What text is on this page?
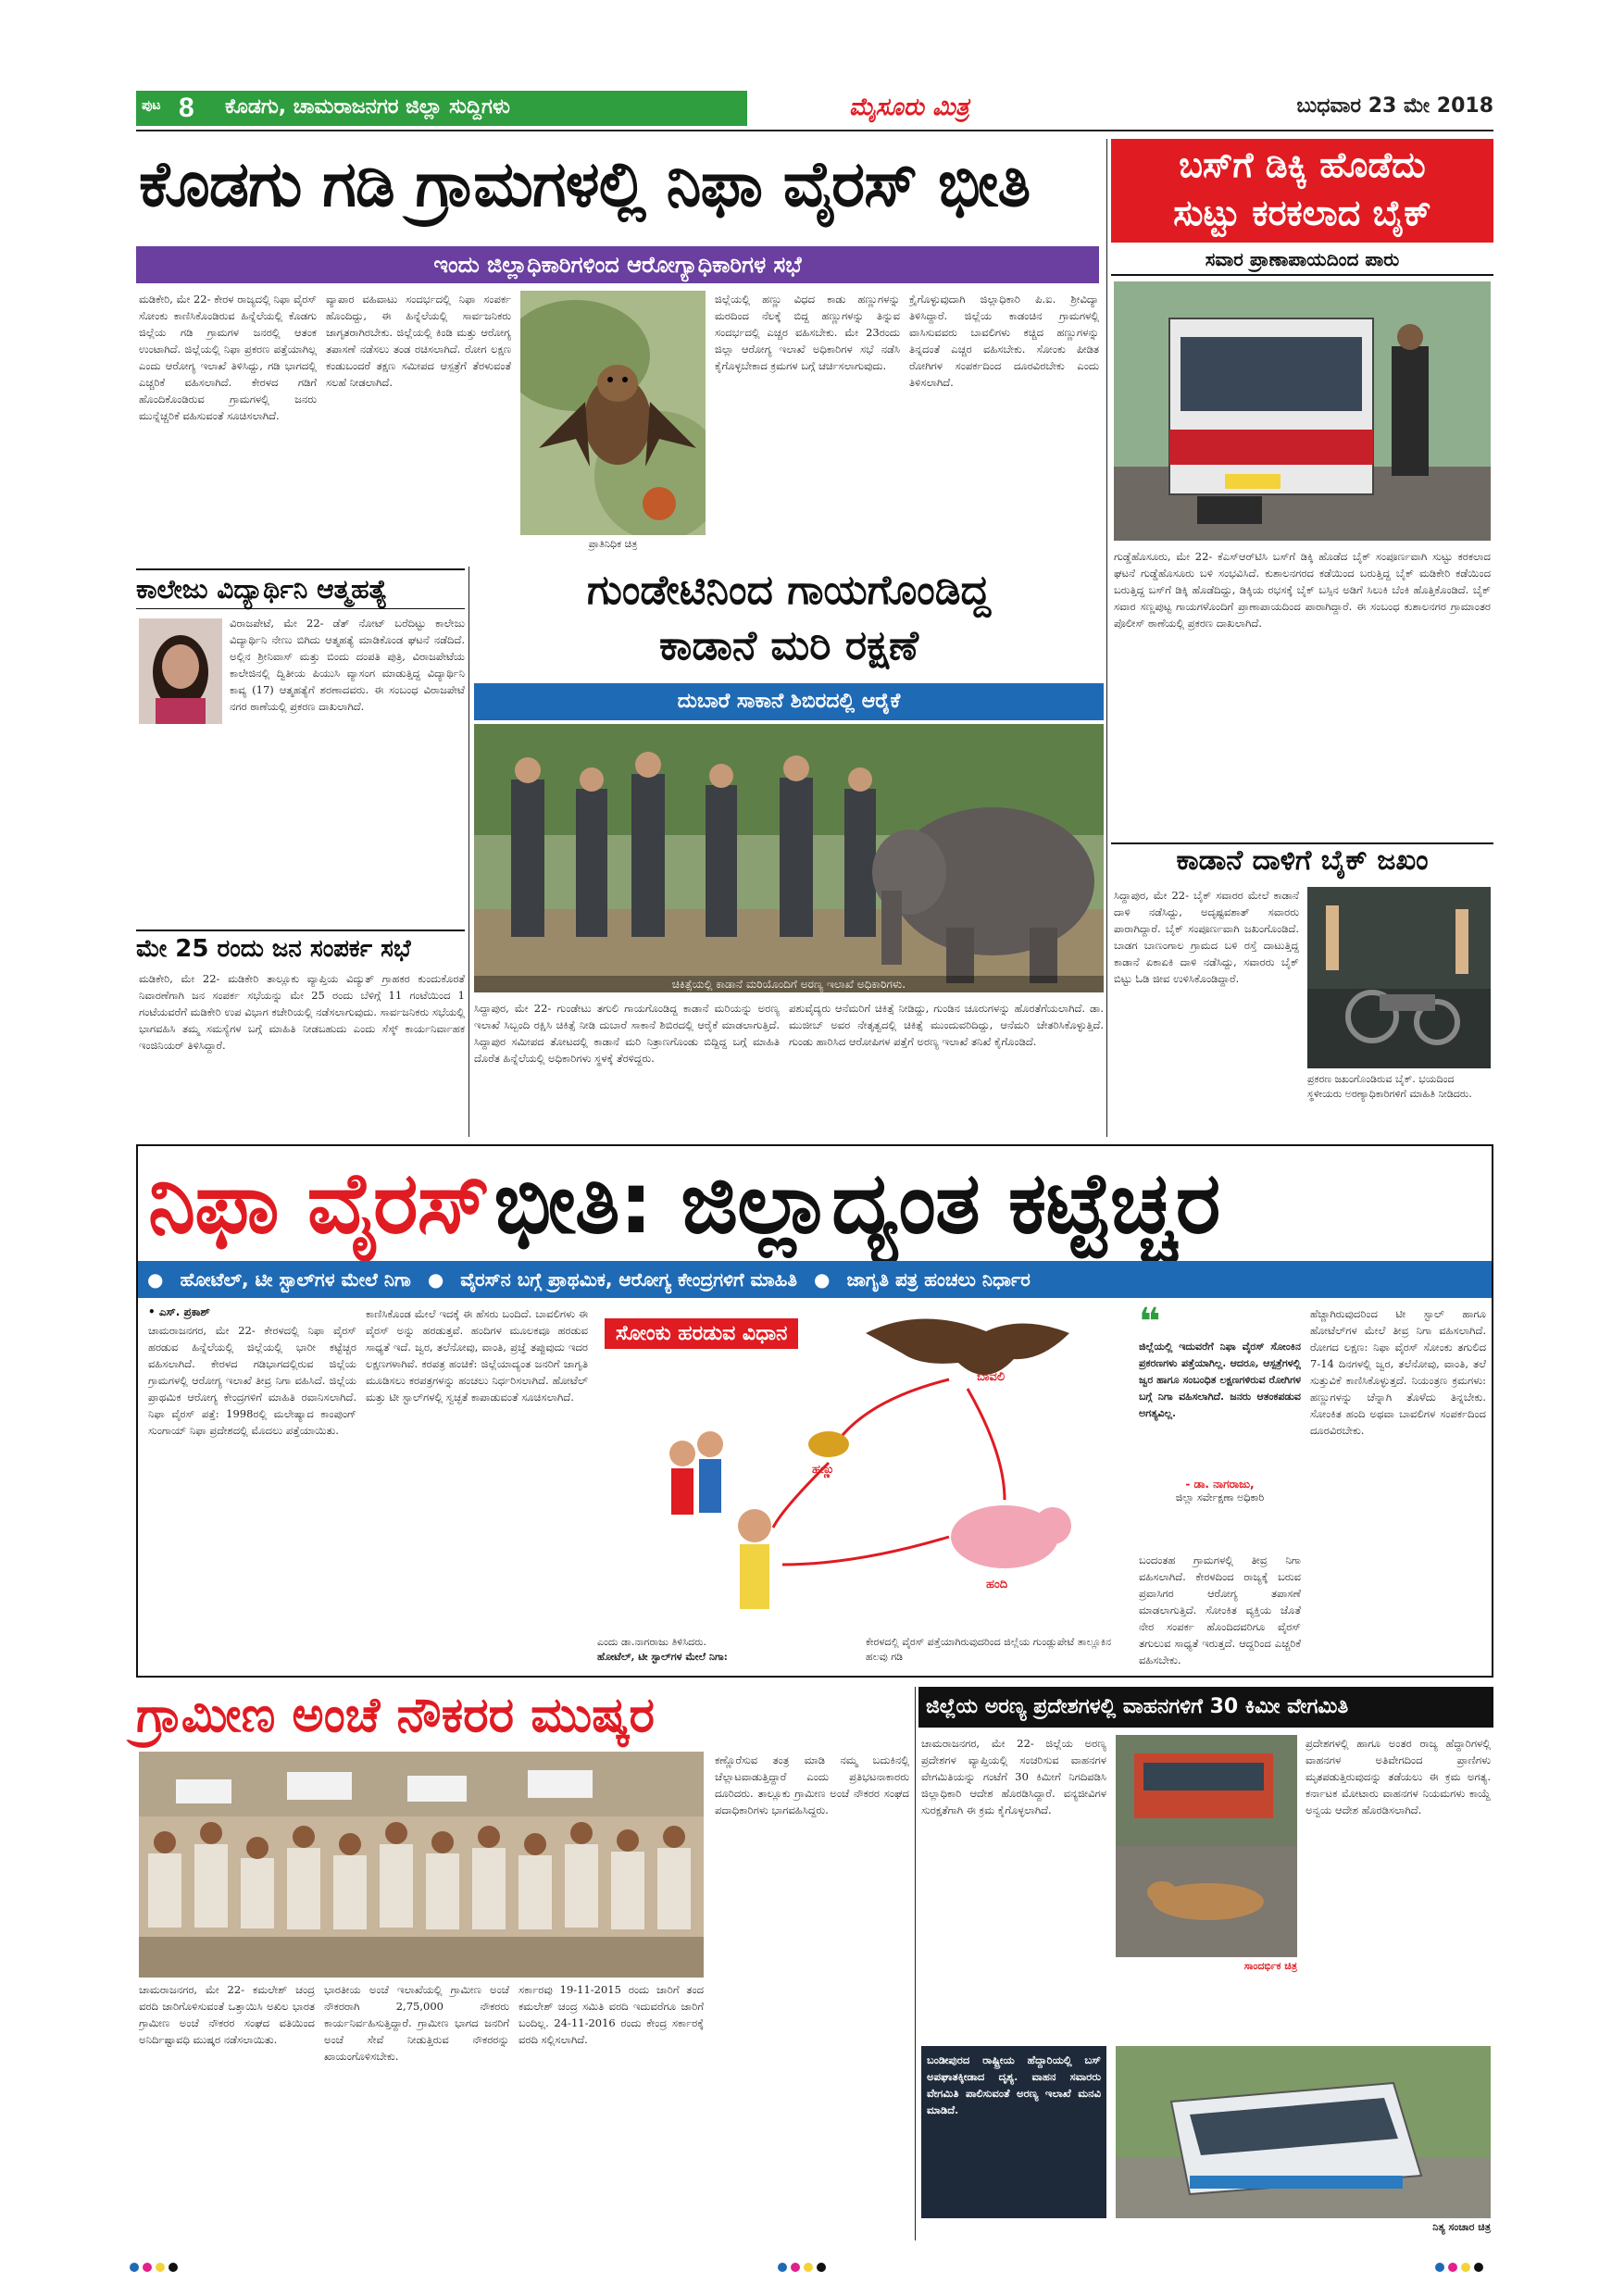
ಪುಟ 8 ಕೊಡಗು, ಚಾಮರಾಜನಗರ ಜಿಲ್ಲಾ ಸುದ್ದಿಗಳು	ಮೈಸೂರು ಮಿತ್ರ	ಬುಧವಾರ 23 ಮೇ 2018
ಕೊಡಗು ಗಡಿ ಗ್ರಾಮಗಳಲ್ಲಿ ನಿಫಾ ವೈರಸ್ ಭೀತಿ
ಇಂದು ಜಿಲ್ಲಾಧಿಕಾರಿಗಳಿಂದ ಆರೋಗ್ಯಾಧಿಕಾರಿಗಳ ಸಭೆ
ಮಡಿಕೇರಿ, ಮೇ 22- ಕೇರಳ ರಾಜ್ಯದಲ್ಲಿ ನಿಫಾ ವೈರಸ್ ಸೋಂಕು ಕಾಣಿಸಿಕೊಂಡಿರುವ ಹಿನ್ನೆಲೆಯಲ್ಲಿ ಕೊಡಗು ಜಿಲ್ಲೆಯ ಗಡಿ ಗ್ರಾಮಗಳ ಜನರಲ್ಲಿ ಆತಂಕ ಉಂಟಾಗಿದೆ. ಜಿಲ್ಲೆಯಲ್ಲಿ ನಿಫಾ ಪ್ರಕರಣ ಪತ್ತೆಯಾಗಿಲ್ಲ ಎಂದು ಆರೋಗ್ಯ ಇಲಾಖೆ ತಿಳಿಸಿದ್ದು, ಗಡಿ ಭಾಗದಲ್ಲಿ ಎಚ್ಚರಿಕೆ ವಹಿಸಲಾಗಿದೆ. ಕೇರಳದ ಗಡಿಗೆ ಹೊಂದಿಕೊಂಡಿರುವ ಗ್ರಾಮಗಳಲ್ಲಿ ಜನರು ಮುನ್ನೆಚ್ಚರಿಕೆ ವಹಿಸುವಂತೆ ಸೂಚಿಸಲಾಗಿದೆ.
ವ್ಯಾಪಾರ ವಹಿವಾಟು ಸಂದರ್ಭದಲ್ಲಿ ನಿಫಾ ಸಂಪರ್ಕ ಹೊಂದಿದ್ದು, ಈ ಹಿನ್ನೆಲೆಯಲ್ಲಿ ಸಾರ್ವಜನಿಕರು ಜಾಗೃತರಾಗಿರಬೇಕು. ಜಿಲ್ಲೆಯಲ್ಲಿ ಕಿಂಡಿ ಮತ್ತು ಆರೋಗ್ಯ ತಪಾಸಣೆ ನಡೆಸಲು ತಂಡ ರಚಿಸಲಾಗಿದೆ. ರೋಗ ಲಕ್ಷಣ ಕಂಡುಬಂದರೆ ತಕ್ಷಣ ಸಮೀಪದ ಆಸ್ಪತ್ರೆಗೆ ತೆರಳುವಂತೆ ಸಲಹೆ ನೀಡಲಾಗಿದೆ.
ಪ್ರಾತಿನಿಧಿಕ ಚಿತ್ರ
ಜಿಲ್ಲೆಯಲ್ಲಿ ಹಣ್ಣು ವಿಧದ ಕಾಡು ಹಣ್ಣುಗಳನ್ನು ಮರದಿಂದ ನೆಲಕ್ಕೆ ಬಿದ್ದ ಹಣ್ಣುಗಳನ್ನು ತಿನ್ನುವ ಸಂದರ್ಭದಲ್ಲಿ ಎಚ್ಚರ ವಹಿಸಬೇಕು. ಮೇ 23ರಂದು ಜಿಲ್ಲಾ ಆರೋಗ್ಯ ಇಲಾಖೆ ಅಧಿಕಾರಿಗಳ ಸಭೆ ನಡೆಸಿ ಕೈಗೊಳ್ಳಬೇಕಾದ ಕ್ರಮಗಳ ಬಗ್ಗೆ ಚರ್ಚಿಸಲಾಗುವುದು.
ಕ್ರೈಗೊಳ್ಳುವುದಾಗಿ ಜಿಲ್ಲಾಧಿಕಾರಿ ಪಿ.ಐ. ಶ್ರೀವಿದ್ಯಾ ತಿಳಿಸಿದ್ದಾರೆ. ಜಿಲ್ಲೆಯ ಕಾಡಂಚಿನ ಗ್ರಾಮಗಳಲ್ಲಿ ವಾಸಿಸುವವರು ಬಾವಲಿಗಳು ಕಚ್ಚಿದ ಹಣ್ಣುಗಳನ್ನು ತಿನ್ನದಂತೆ ಎಚ್ಚರ ವಹಿಸಬೇಕು. ಸೋಂಕು ಪೀಡಿತ ರೋಗಿಗಳ ಸಂಪರ್ಕದಿಂದ ದೂರವಿರಬೇಕು ಎಂದು ತಿಳಿಸಲಾಗಿದೆ.
ಬಸ್‌ಗೆ ಡಿಕ್ಕಿ ಹೊಡೆದು
ಸುಟ್ಟು ಕರಕಲಾದ ಬೈಕ್
ಸವಾರ ಪ್ರಾಣಾಪಾಯದಿಂದ ಪಾರು
ಗುಡ್ಡೆಹೊಸೂರು, ಮೇ 22- ಕೆಎಸ್‌ಆರ್‌ಟಿಸಿ ಬಸ್‌ಗೆ ಡಿಕ್ಕಿ ಹೊಡೆದ ಬೈಕ್ ಸಂಪೂರ್ಣವಾಗಿ ಸುಟ್ಟು ಕರಕಲಾದ ಘಟನೆ ಗುಡ್ಡೆಹೊಸೂರು ಬಳಿ ಸಂಭವಿಸಿದೆ. ಕುಶಾಲನಗರದ ಕಡೆಯಿಂದ ಬರುತ್ತಿದ್ದ ಬೈಕ್ ಮಡಿಕೇರಿ ಕಡೆಯಿಂದ ಬರುತ್ತಿದ್ದ ಬಸ್‌ಗೆ ಡಿಕ್ಕಿ ಹೊಡೆದಿದ್ದು, ಡಿಕ್ಕಿಯ ರಭಸಕ್ಕೆ ಬೈಕ್ ಬಸ್ಸಿನ ಅಡಿಗೆ ಸಿಲುಕಿ ಬೆಂಕಿ ಹೊತ್ತಿಕೊಂಡಿದೆ. ಬೈಕ್ ಸವಾರ ಸಣ್ಣಪುಟ್ಟ ಗಾಯಗಳೊಂದಿಗೆ ಪ್ರಾಣಾಪಾಯದಿಂದ ಪಾರಾಗಿದ್ದಾರೆ. ಈ ಸಂಬಂಧ ಕುಶಾಲನಗರ ಗ್ರಾಮಾಂತರ ಪೊಲೀಸ್ ಠಾಣೆಯಲ್ಲಿ ಪ್ರಕರಣ ದಾಖಲಾಗಿದೆ.
ಕಾಡಾನೆ ದಾಳಿಗೆ ಬೈಕ್ ಜಖಂ
ಸಿದ್ದಾಪುರ, ಮೇ 22- ಬೈಕ್ ಸವಾರರ ಮೇಲೆ ಕಾಡಾನೆ ದಾಳಿ ನಡೆಸಿದ್ದು, ಅದೃಷ್ಟವಶಾತ್ ಸವಾರರು ಪಾರಾಗಿದ್ದಾರೆ. ಬೈಕ್ ಸಂಪೂರ್ಣವಾಗಿ ಜಖಂಗೊಂಡಿದೆ. ಬಾಡಗ ಬಾಣಂಗಾಲ ಗ್ರಾಮದ ಬಳಿ ರಸ್ತೆ ದಾಟುತ್ತಿದ್ದ ಕಾಡಾನೆ ಏಕಾಏಕಿ ದಾಳಿ ನಡೆಸಿದ್ದು, ಸವಾರರು ಬೈಕ್ ಬಿಟ್ಟು ಓಡಿ ಜೀವ ಉಳಿಸಿಕೊಂಡಿದ್ದಾರೆ.
ಪ್ರಕರಣ ಜಖಂಗೊಂಡಿರುವ ಬೈಕ್. ಭಯದಿಂದ ಸ್ಥಳೀಯರು ಅರಣ್ಯಾಧಿಕಾರಿಗಳಿಗೆ ಮಾಹಿತಿ ನೀಡಿದರು.
ಕಾಲೇಜು ವಿದ್ಯಾರ್ಥಿನಿ ಆತ್ಮಹತ್ಯೆ
ವಿರಾಜಪೇಟೆ, ಮೇ 22- ಡೆತ್ ನೋಟ್ ಬರೆದಿಟ್ಟು ಕಾಲೇಜು ವಿದ್ಯಾರ್ಥಿನಿ ನೇಣು ಬಿಗಿದು ಆತ್ಮಹತ್ಯೆ ಮಾಡಿಕೊಂಡ ಘಟನೆ ನಡೆದಿದೆ. ಅಲ್ಲಿನ ಶ್ರೀನಿವಾಸ್ ಮತ್ತು ಬಿಂದು ದಂಪತಿ ಪುತ್ರಿ, ವಿರಾಜಪೇಟೆಯ ಕಾಲೇಜಿನಲ್ಲಿ ದ್ವಿತೀಯ ಪಿಯುಸಿ ವ್ಯಾಸಂಗ ಮಾಡುತ್ತಿದ್ದ ವಿದ್ಯಾರ್ಥಿನಿ ಕಾವ್ಯ (17) ಆತ್ಮಹತ್ಯೆಗೆ ಶರಣಾದವರು. ಈ ಸಂಬಂಧ ವಿರಾಜಪೇಟೆ ನಗರ ಠಾಣೆಯಲ್ಲಿ ಪ್ರಕರಣ ದಾಖಲಾಗಿದೆ.
ಮೇ 25 ರಂದು ಜನ ಸಂಪರ್ಕ ಸಭೆ
ಮಡಿಕೇರಿ, ಮೇ 22- ಮಡಿಕೇರಿ ತಾಲ್ಲೂಕು ವ್ಯಾಪ್ತಿಯ ವಿದ್ಯುತ್ ಗ್ರಾಹಕರ ಕುಂದುಕೊರತೆ ನಿವಾರಣೆಗಾಗಿ ಜನ ಸಂಪರ್ಕ ಸಭೆಯನ್ನು ಮೇ 25 ರಂದು ಬೆಳಿಗ್ಗೆ 11 ಗಂಟೆಯಿಂದ 1 ಗಂಟೆಯವರೆಗೆ ಮಡಿಕೇರಿ ಉಪ ವಿಭಾಗ ಕಚೇರಿಯಲ್ಲಿ ನಡೆಸಲಾಗುವುದು. ಸಾರ್ವಜನಿಕರು ಸಭೆಯಲ್ಲಿ ಭಾಗವಹಿಸಿ ತಮ್ಮ ಸಮಸ್ಯೆಗಳ ಬಗ್ಗೆ ಮಾಹಿತಿ ನೀಡಬಹುದು ಎಂದು ಸೆಸ್ಕ್ ಕಾರ್ಯನಿರ್ವಾಹಕ ಇಂಜಿನಿಯರ್ ತಿಳಿಸಿದ್ದಾರೆ.
ಗುಂಡೇಟಿನಿಂದ ಗಾಯಗೊಂಡಿದ್ದ
ಕಾಡಾನೆ ಮರಿ ರಕ್ಷಣೆ
ದುಬಾರೆ ಸಾಕಾನೆ ಶಿಬಿರದಲ್ಲಿ ಆರೈಕೆ
ಚಿಕಿತ್ಸೆಯಲ್ಲಿ ಕಾಡಾನೆ ಮರಿಯೊಂದಿಗೆ ಅರಣ್ಯ ಇಲಾಖೆ ಅಧಿಕಾರಿಗಳು.
ಸಿದ್ದಾಪುರ, ಮೇ 22- ಗುಂಡೇಟು ತಗುಲಿ ಗಾಯಗೊಂಡಿದ್ದ ಕಾಡಾನೆ ಮರಿಯನ್ನು ಅರಣ್ಯ ಇಲಾಖೆ ಸಿಬ್ಬಂದಿ ರಕ್ಷಿಸಿ ಚಿಕಿತ್ಸೆ ನೀಡಿ ದುಬಾರೆ ಸಾಕಾನೆ ಶಿಬಿರದಲ್ಲಿ ಆರೈಕೆ ಮಾಡಲಾಗುತ್ತಿದೆ. ಸಿದ್ದಾಪುರ ಸಮೀಪದ ತೋಟದಲ್ಲಿ ಕಾಡಾನೆ ಮರಿ ನಿತ್ರಾಣಗೊಂಡು ಬಿದ್ದಿದ್ದ ಬಗ್ಗೆ ಮಾಹಿತಿ ದೊರೆತ ಹಿನ್ನೆಲೆಯಲ್ಲಿ ಅಧಿಕಾರಿಗಳು ಸ್ಥಳಕ್ಕೆ ತೆರಳಿದ್ದರು.
ಪಶುವೈದ್ಯರು ಆನೆಮರಿಗೆ ಚಿಕಿತ್ಸೆ ನೀಡಿದ್ದು, ಗುಂಡಿನ ಚೂರುಗಳನ್ನು ಹೊರತೆಗೆಯಲಾಗಿದೆ. ಡಾ. ಮುಜೀಬ್ ಅವರ ನೇತೃತ್ವದಲ್ಲಿ ಚಿಕಿತ್ಸೆ ಮುಂದುವರಿದಿದ್ದು, ಆನೆಮರಿ ಚೇತರಿಸಿಕೊಳ್ಳುತ್ತಿದೆ. ಗುಂಡು ಹಾರಿಸಿದ ಆರೋಪಿಗಳ ಪತ್ತೆಗೆ ಅರಣ್ಯ ಇಲಾಖೆ ತನಿಖೆ ಕೈಗೊಂಡಿದೆ.
ನಿಫಾ ವೈರಸ್ ಭೀತಿ: ಜಿಲ್ಲಾದ್ಯಂತ ಕಟ್ಟೆಚ್ಚರ
● ಹೋಟೆಲ್, ಟೀ ಸ್ಟಾಲ್‌ಗಳ ಮೇಲೆ ನಿಗಾ ● ವೈರಸ್‌ನ ಬಗ್ಗೆ ಪ್ರಾಥಮಿಕ, ಆರೋಗ್ಯ ಕೇಂದ್ರಗಳಿಗೆ ಮಾಹಿತಿ ● ಜಾಗೃತಿ ಪತ್ರ ಹಂಚಲು ನಿರ್ಧಾರ
• ಎಸ್. ಪ್ರಕಾಶ್
ಚಾಮರಾಜನಗರ, ಮೇ 22- ಕೇರಳದಲ್ಲಿ ನಿಫಾ ವೈರಸ್ ಹರಡುವ ಹಿನ್ನೆಲೆಯಲ್ಲಿ ಜಿಲ್ಲೆಯಲ್ಲಿ ಭಾರೀ ಕಟ್ಟೆಚ್ಚರ ವಹಿಸಲಾಗಿದೆ. ಕೇರಳದ ಗಡಿಭಾಗದಲ್ಲಿರುವ ಜಿಲ್ಲೆಯ ಗ್ರಾಮಗಳಲ್ಲಿ ಆರೋಗ್ಯ ಇಲಾಖೆ ತೀವ್ರ ನಿಗಾ ವಹಿಸಿದೆ. ಜಿಲ್ಲೆಯ ಪ್ರಾಥಮಿಕ ಆರೋಗ್ಯ ಕೇಂದ್ರಗಳಿಗೆ ಮಾಹಿತಿ ರವಾನಿಸಲಾಗಿದೆ. ನಿಫಾ ವೈರಸ್ ಪತ್ತೆ: 1998ರಲ್ಲಿ ಮಲೇಷ್ಯಾದ ಕಾಂಪುಂಗ್ ಸುಂಗಾಯ್ ನಿಫಾ ಪ್ರದೇಶದಲ್ಲಿ ಮೊದಲು ಪತ್ತೆಯಾಯಿತು.
ಕಾಣಿಸಿಕೊಂಡ ಮೇಲೆ ಇದಕ್ಕೆ ಈ ಹೆಸರು ಬಂದಿದೆ. ಬಾವಲಿಗಳು ಈ ವೈರಸ್ ಅನ್ನು ಹರಡುತ್ತವೆ. ಹಂದಿಗಳ ಮೂಲಕವೂ ಹರಡುವ ಸಾಧ್ಯತೆ ಇದೆ. ಜ್ವರ, ತಲೆನೋವು, ವಾಂತಿ, ಪ್ರಜ್ಞೆ ತಪ್ಪುವುದು ಇದರ ಲಕ್ಷಣಗಳಾಗಿವೆ. ಕರಪತ್ರ ಹಂಚಿಕೆ: ಜಿಲ್ಲೆಯಾದ್ಯಂತ ಜನರಿಗೆ ಜಾಗೃತಿ ಮೂಡಿಸಲು ಕರಪತ್ರಗಳನ್ನು ಹಂಚಲು ನಿರ್ಧರಿಸಲಾಗಿದೆ. ಹೋಟೆಲ್ ಮತ್ತು ಟೀ ಸ್ಟಾಲ್‌ಗಳಲ್ಲಿ ಸ್ವಚ್ಛತೆ ಕಾಪಾಡುವಂತೆ ಸೂಚಿಸಲಾಗಿದೆ.
ಸೋಂಕು ಹರಡುವ ವಿಧಾನ
ಬಾವಲಿ
ಹಣ್ಣು
ಹಂದಿ
ಎಂದು ಡಾ.ನಾಗರಾಜು ತಿಳಿಸಿದರು.
ಹೋಟೆಲ್, ಟೀ ಸ್ಟಾಲ್‌ಗಳ ಮೇಲೆ ನಿಗಾ:
ಕೇರಳದಲ್ಲಿ ವೈರಸ್ ಪತ್ತೆಯಾಗಿರುವುದರಿಂದ ಜಿಲ್ಲೆಯ ಗುಂಡ್ಲುಪೇಟೆ ತಾಲ್ಲೂಕಿನ ಹಲವು ಗಡಿ
❝
ಜಿಲ್ಲೆಯಲ್ಲಿ ಇದುವರೆಗೆ ನಿಫಾ ವೈರಸ್ ಸೋಂಕಿನ ಪ್ರಕರಣಗಳು ಪತ್ತೆಯಾಗಿಲ್ಲ. ಆದರೂ, ಆಸ್ಪತ್ರೆಗಳಲ್ಲಿ ಜ್ವರ ಹಾಗೂ ಸಂಬಂಧಿತ ಲಕ್ಷಣಗಳಿರುವ ರೋಗಿಗಳ ಬಗ್ಗೆ ನಿಗಾ ವಹಿಸಲಾಗಿದೆ. ಜನರು ಆತಂಕಪಡುವ ಅಗತ್ಯವಿಲ್ಲ.
- ಡಾ. ನಾಗರಾಜು,
ಜಿಲ್ಲಾ ಸರ್ವೇಕ್ಷಣಾ ಅಧಿಕಾರಿ
ಬಂದಂತಹ ಗ್ರಾಮಗಳಲ್ಲಿ ತೀವ್ರ ನಿಗಾ ವಹಿಸಲಾಗಿದೆ. ಕೇರಳದಿಂದ ರಾಜ್ಯಕ್ಕೆ ಬರುವ ಪ್ರವಾಸಿಗರ ಆರೋಗ್ಯ ತಪಾಸಣೆ ಮಾಡಲಾಗುತ್ತಿದೆ. ಸೋಂಕಿತ ವ್ಯಕ್ತಿಯ ಜೊತೆ ನೇರ ಸಂಪರ್ಕ ಹೊಂದಿದವರಿಗೂ ವೈರಸ್ ತಗುಲುವ ಸಾಧ್ಯತೆ ಇರುತ್ತದೆ. ಆದ್ದರಿಂದ ಎಚ್ಚರಿಕೆ ವಹಿಸಬೇಕು.
ಹೆಚ್ಚಾಗಿರುವುದರಿಂದ ಟೀ ಸ್ಟಾಲ್ ಹಾಗೂ ಹೋಟೆಲ್‌ಗಳ ಮೇಲೆ ತೀವ್ರ ನಿಗಾ ವಹಿಸಲಾಗಿದೆ. ರೋಗದ ಲಕ್ಷಣ: ನಿಫಾ ವೈರಸ್ ಸೋಂಕು ತಗುಲಿದ 7-14 ದಿನಗಳಲ್ಲಿ ಜ್ವರ, ತಲೆನೋವು, ವಾಂತಿ, ತಲೆ ಸುತ್ತುವಿಕೆ ಕಾಣಿಸಿಕೊಳ್ಳುತ್ತದೆ. ನಿಯಂತ್ರಣ ಕ್ರಮಗಳು: ಹಣ್ಣುಗಳನ್ನು ಚೆನ್ನಾಗಿ ತೊಳೆದು ತಿನ್ನಬೇಕು. ಸೋಂಕಿತ ಹಂದಿ ಅಥವಾ ಬಾವಲಿಗಳ ಸಂಪರ್ಕದಿಂದ ದೂರವಿರಬೇಕು.
ಗ್ರಾಮೀಣ ಅಂಚೆ ನೌಕರರ ಮುಷ್ಕರ
ಚಾಮರಾಜನಗರ, ಮೇ 22- ಕಮಲೇಶ್ ಚಂದ್ರ ವರದಿ ಜಾರಿಗೊಳಿಸುವಂತೆ ಒತ್ತಾಯಿಸಿ ಅಖಿಲ ಭಾರತ ಗ್ರಾಮೀಣ ಅಂಚೆ ನೌಕರರ ಸಂಘದ ವತಿಯಿಂದ ಅನಿರ್ದಿಷ್ಟಾವಧಿ ಮುಷ್ಕರ ನಡೆಸಲಾಯಿತು.
ಭಾರತೀಯ ಅಂಚೆ ಇಲಾಖೆಯಲ್ಲಿ ಗ್ರಾಮೀಣ ಅಂಚೆ ನೌಕರರಾಗಿ 2,75,000 ನೌಕರರು ಕಾರ್ಯನಿರ್ವಹಿಸುತ್ತಿದ್ದಾರೆ. ಗ್ರಾಮೀಣ ಭಾಗದ ಜನರಿಗೆ ಅಂಚೆ ಸೇವೆ ನೀಡುತ್ತಿರುವ ನೌಕರರನ್ನು ಖಾಯಂಗೊಳಿಸಬೇಕು.
ಸರ್ಕಾರವು 19-11-2015 ರಂದು ಜಾರಿಗೆ ತಂದ ಕಮಲೇಶ್ ಚಂದ್ರ ಸಮಿತಿ ವರದಿ ಇದುವರೆಗೂ ಜಾರಿಗೆ ಬಂದಿಲ್ಲ. 24-11-2016 ರಂದು ಕೇಂದ್ರ ಸರ್ಕಾರಕ್ಕೆ ವರದಿ ಸಲ್ಲಿಸಲಾಗಿದೆ.
ಕಣ್ಣೊರೆಸುವ ತಂತ್ರ ಮಾಡಿ ನಮ್ಮ ಬದುಕಿನಲ್ಲಿ ಚೆಲ್ಲಾಟವಾಡುತ್ತಿದ್ದಾರೆ ಎಂದು ಪ್ರತಿಭಟನಾಕಾರರು ದೂರಿದರು. ತಾಲ್ಲೂಕು ಗ್ರಾಮೀಣ ಅಂಚೆ ನೌಕರರ ಸಂಘದ ಪದಾಧಿಕಾರಿಗಳು ಭಾಗವಹಿಸಿದ್ದರು.
ಜಿಲ್ಲೆಯ ಅರಣ್ಯ ಪ್ರದೇಶಗಳಲ್ಲಿ ವಾಹನಗಳಿಗೆ 30 ಕಿಮೀ ವೇಗಮಿತಿ
ಚಾಮರಾಜನಗರ, ಮೇ 22- ಜಿಲ್ಲೆಯ ಅರಣ್ಯ ಪ್ರದೇಶಗಳ ವ್ಯಾಪ್ತಿಯಲ್ಲಿ ಸಂಚರಿಸುವ ವಾಹನಗಳ ವೇಗಮಿತಿಯನ್ನು ಗಂಟೆಗೆ 30 ಕಿಮೀಗೆ ನಿಗದಿಪಡಿಸಿ ಜಿಲ್ಲಾಧಿಕಾರಿ ಆದೇಶ ಹೊರಡಿಸಿದ್ದಾರೆ. ವನ್ಯಜೀವಿಗಳ ಸುರಕ್ಷತೆಗಾಗಿ ಈ ಕ್ರಮ ಕೈಗೊಳ್ಳಲಾಗಿದೆ.
ಸಾಂದರ್ಭಿಕ ಚಿತ್ರ
ಪ್ರದೇಶಗಳಲ್ಲಿ ಹಾಗೂ ಅಂತರ ರಾಜ್ಯ ಹೆದ್ದಾರಿಗಳಲ್ಲಿ ವಾಹನಗಳ ಅತಿವೇಗದಿಂದ ಪ್ರಾಣಿಗಳು ಮೃತಪಡುತ್ತಿರುವುದನ್ನು ತಡೆಯಲು ಈ ಕ್ರಮ ಅಗತ್ಯ. ಕರ್ನಾಟಕ ಮೋಟಾರು ವಾಹನಗಳ ನಿಯಮಗಳು ಕಾಯ್ದೆ ಅನ್ವಯ ಆದೇಶ ಹೊರಡಿಸಲಾಗಿದೆ.
ಬಂಡೀಪುರದ ರಾಷ್ಟ್ರೀಯ ಹೆದ್ದಾರಿಯಲ್ಲಿ ಬಸ್ ಅಪಘಾತಕ್ಕೀಡಾದ ದೃಶ್ಯ. ವಾಹನ ಸವಾರರು ವೇಗಮಿತಿ ಪಾಲಿಸುವಂತೆ ಅರಣ್ಯ ಇಲಾಖೆ ಮನವಿ ಮಾಡಿದೆ.
ನಿತ್ಯ ಸಂಚಾರ ಚಿತ್ರ
